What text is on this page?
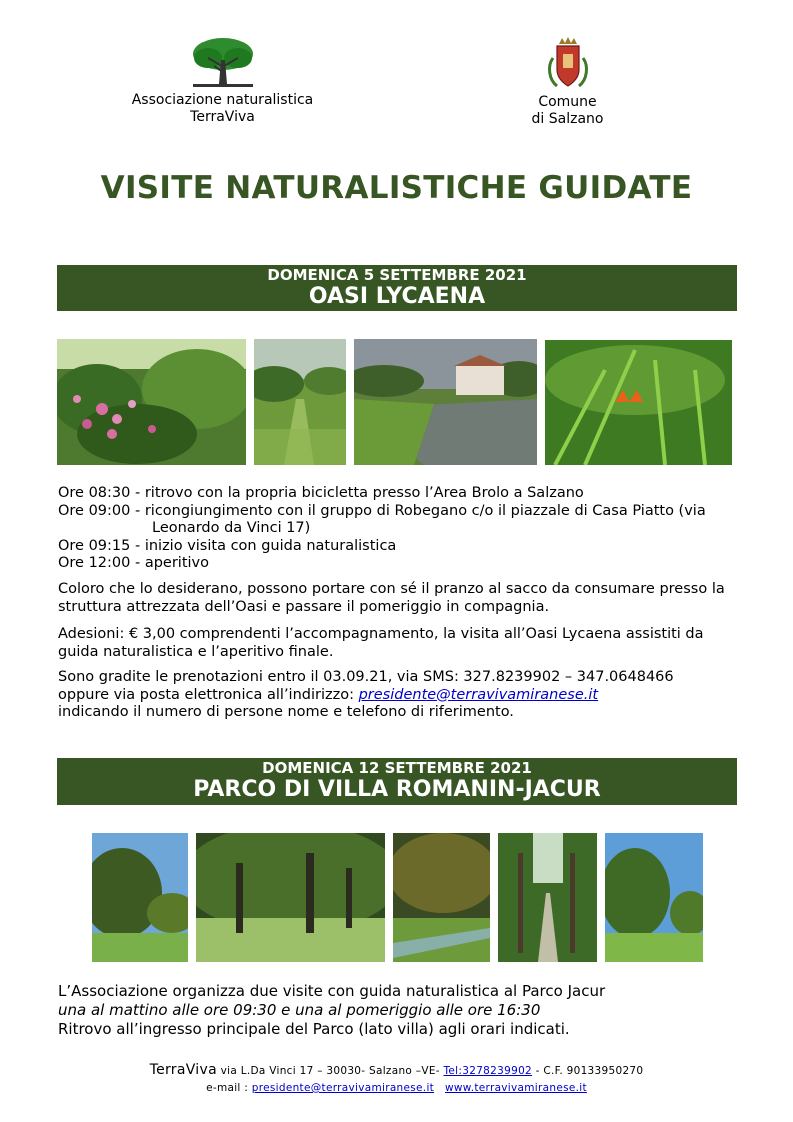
Associazione naturalistica
TerraViva
Comune
di Salzano
VISITE NATURALISTICHE GUIDATE
DOMENICA 5 SETTEMBRE 2021
OASI LYCAENA
Ore 08:30 - ritrovo con la propria bicicletta presso l’Area Brolo a Salzano
Ore 09:00 - ricongiungimento con il gruppo di Robegano c/o il piazzale di Casa Piatto (via
Leonardo da Vinci 17)
Ore 09:15 - inizio visita con guida naturalistica
Ore 12:00 - aperitivo
Coloro che lo desiderano, possono portare con sé il pranzo al sacco da consumare presso la struttura attrezzata dell’Oasi e passare il pomeriggio in compagnia.
Adesioni: € 3,00 comprendenti l’accompagnamento, la visita all’Oasi Lycaena assistiti da guida naturalistica e l’aperitivo finale.
Sono gradite le prenotazioni entro il 03.09.21, via SMS: 327.8239902 – 347.0648466
oppure via posta elettronica all’indirizzo: presidente@terravivamiranese.it
indicando il numero di persone nome e telefono di riferimento.
DOMENICA 12 SETTEMBRE 2021
PARCO DI VILLA ROMANIN-JACUR
L’Associazione organizza due visite con guida naturalistica al Parco Jacur
una al mattino alle ore 09:30 e una al pomeriggio alle ore 16:30
Ritrovo all’ingresso principale del Parco (lato villa) agli orari indicati.
TerraViva via L.Da Vinci 17 – 30030- Salzano –VE- Tel:3278239902 - C.F. 90133950270
e-mail : presidente@terravivamiranese.it www.terravivamiranese.it
